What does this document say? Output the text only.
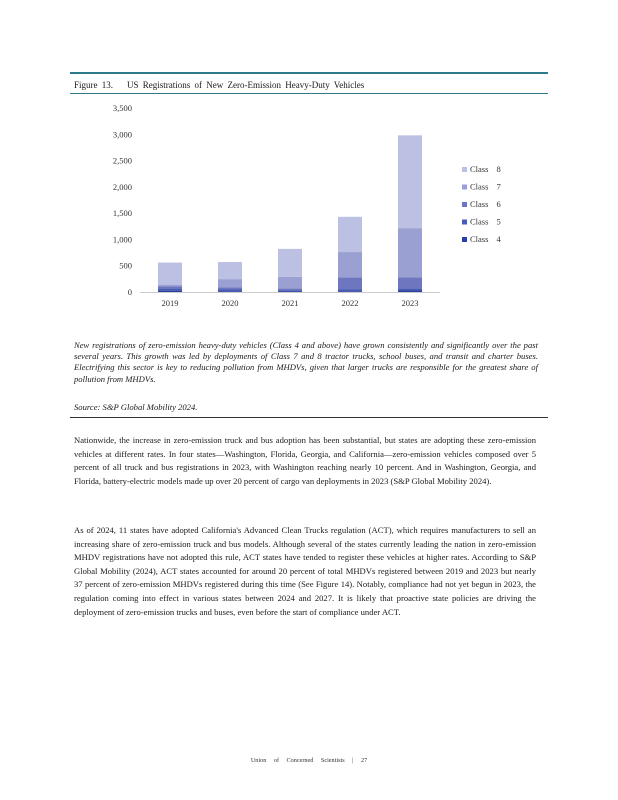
Figure 13. US Registrations of New Zero-Emission Heavy-Duty Vehicles
0
500
1,000
1,500
2,000
2,500
3,000
3,500
2019	2020	2021	2022	2023
Class 8
Class 7
Class 6
Class 5
Class 4
New registrations of zero-emission heavy-duty vehicles (Class 4 and above) have grown consistently and significantly over the past several years. This growth was led by deployments of Class 7 and 8 tractor trucks, school buses, and transit and charter buses. Electrifying this sector is key to reducing pollution from MHDVs, given that larger trucks are responsible for the greatest share of pollution from MHDVs.
Source: S&P Global Mobility 2024.
Nationwide, the increase in zero-emission truck and bus adoption has been substantial, but states are adopting these zero-emission vehicles at different rates. In four states—Washington, Florida, Georgia, and California—zero-emission vehicles composed over 5 percent of all truck and bus registrations in 2023, with Washington reaching nearly 10 percent. And in Washington, Georgia, and Florida, battery-electric models made up over 20 percent of cargo van deployments in 2023 (S&P Global Mobility 2024).
As of 2024, 11 states have adopted California's Advanced Clean Trucks regulation (ACT), which requires manufacturers to sell an increasing share of zero-emission truck and bus models. Although several of the states currently leading the nation in zero-emission MHDV registrations have not adopted this rule, ACT states have tended to register these vehicles at higher rates. According to S&P Global Mobility (2024), ACT states accounted for around 20 percent of total MHDVs registered between 2019 and 2023 but nearly 37 percent of zero-emission MHDVs registered during this time (See Figure 14). Notably, compliance had not yet begun in 2023, the regulation coming into effect in various states between 2024 and 2027. It is likely that proactive state policies are driving the deployment of zero-emission trucks and buses, even before the start of compliance under ACT.
Union of Concerned Scientists | 27
